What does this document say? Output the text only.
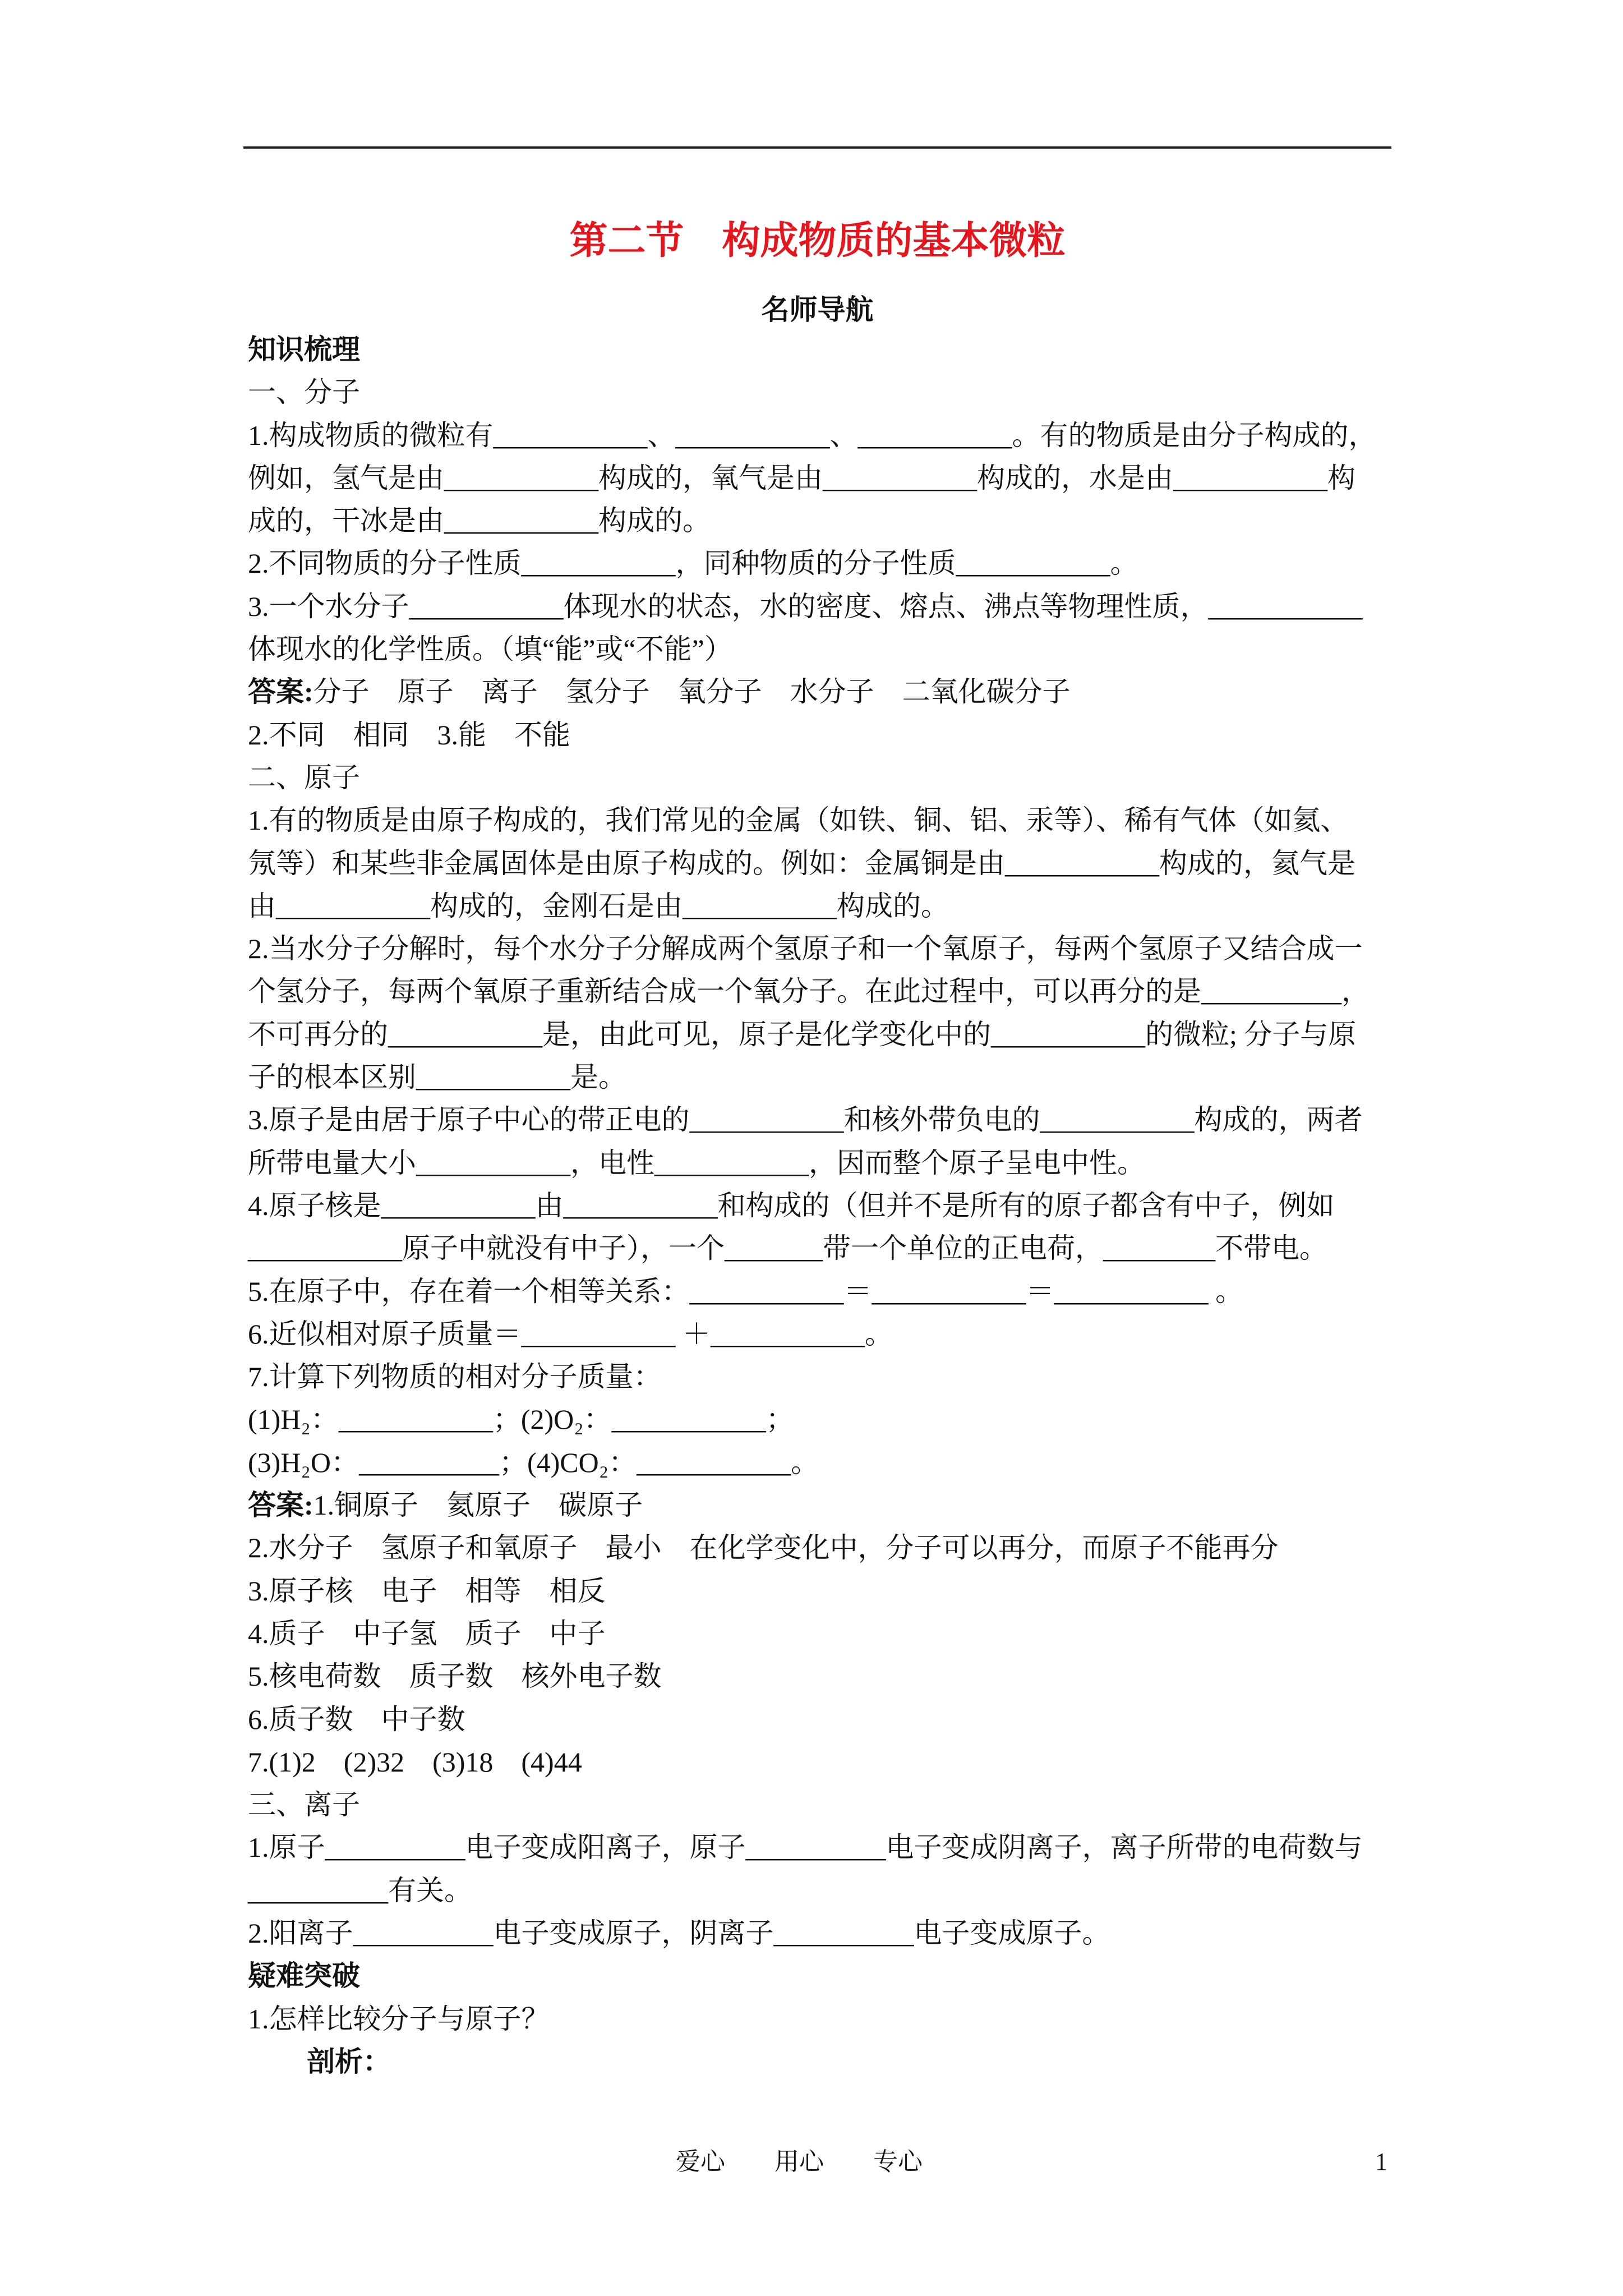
第二节　构成物质的基本微粒
名师导航
知识梳理
一、分子
1.构成物质的微粒有___________、___________、___________。有的物质是由分子构成的，
例如，氢气是由___________构成的，氧气是由___________构成的，水是由___________构
成的，干冰是由___________构成的。
2.不同物质的分子性质___________，同种物质的分子性质___________。
3.一个水分子___________体现水的状态，水的密度、熔点、沸点等物理性质，___________
体现水的化学性质。（填“能”或“不能”）
答案:分子　原子　离子　氢分子　氧分子　水分子　二氧化碳分子
2.不同　相同　3.能　不能
二、原子
1.有的物质是由原子构成的，我们常见的金属（如铁、铜、铝、汞等）、稀有气体（如氦、
氖等）和某些非金属固体是由原子构成的。例如：金属铜是由___________构成的，氦气是
由___________构成的，金刚石是由___________构成的。
2.当水分子分解时，每个水分子分解成两个氢原子和一个氧原子，每两个氢原子又结合成一
个氢分子，每两个氧原子重新结合成一个氧分子。在此过程中，可以再分的是__________，
不可再分的___________是，由此可见，原子是化学变化中的___________的微粒; 分子与原
子的根本区别___________是。
3.原子是由居于原子中心的带正电的___________和核外带负电的___________构成的，两者
所带电量大小___________，电性___________，因而整个原子呈电中性。
4.原子核是___________由___________和构成的（但并不是所有的原子都含有中子，例如
___________原子中就没有中子），一个_______带一个单位的正电荷，________不带电。
5.在原子中，存在着一个相等关系：___________＝___________＝___________ 。
6.近似相对原子质量＝___________ ＋___________。
7.计算下列物质的相对分子质量：
(1)H₂：___________；(2)O₂：___________；
(3)H₂O：__________；(4)CO₂：___________。
答案:1.铜原子　氦原子　碳原子
2.水分子　氢原子和氧原子　最小　在化学变化中，分子可以再分，而原子不能再分
3.原子核　电子　相等　相反
4.质子　中子氢　质子　中子
5.核电荷数　质子数　核外电子数
6.质子数　中子数
7.(1)2　(2)32　(3)18　(4)44
三、离子
1.原子__________电子变成阳离子，原子__________电子变成阴离子，离子所带的电荷数与
__________有关。
2.阳离子__________电子变成原子，阴离子__________电子变成原子。
疑难突破
1.怎样比较分子与原子？
剖析：
爱心　　用心　　专心	1
